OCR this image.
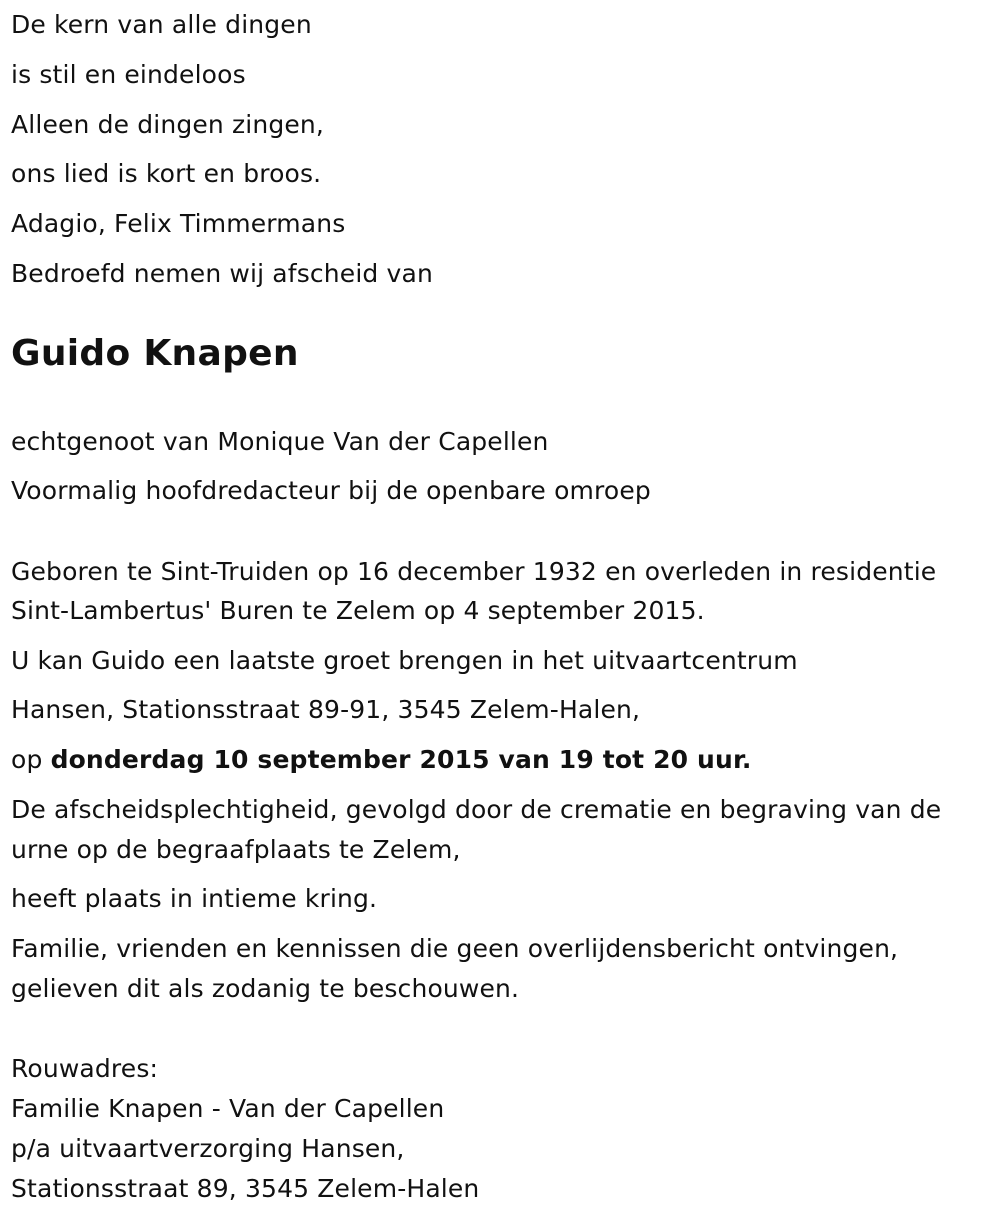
De kern van alle dingen

is stil en eindeloos

Alleen de dingen zingen,

ons lied is kort en broos.

Adagio, Felix Timmermans

Bedroefd nemen wij afscheid van

Guido Knapen

echtgenoot van Monique Van der Capellen

Voormalig hoofdredacteur bij de openbare omroep

Geboren te Sint-Truiden op 16 december 1932 en overleden in residentie

Sint-Lambertus' Buren te Zelem op 4 september 2015.

U kan Guido een laatste groet brengen in het uitvaartcentrum

Hansen, Stationsstraat 89-91, 3545 Zelem-Halen,

op donderdag 10 september 2015 van 19 tot 20 uur.

De afscheidsplechtigheid, gevolgd door de crematie en begraving van de

urne op de begraafplaats te Zelem,

heeft plaats in intieme kring.

Familie, vrienden en kennissen die geen overlijdensbericht ontvingen,

gelieven dit als zodanig te beschouwen.

Rouwadres:

Familie Knapen - Van der Capellen

p/a uitvaartverzorging Hansen,

Stationsstraat 89, 3545 Zelem-Halen
